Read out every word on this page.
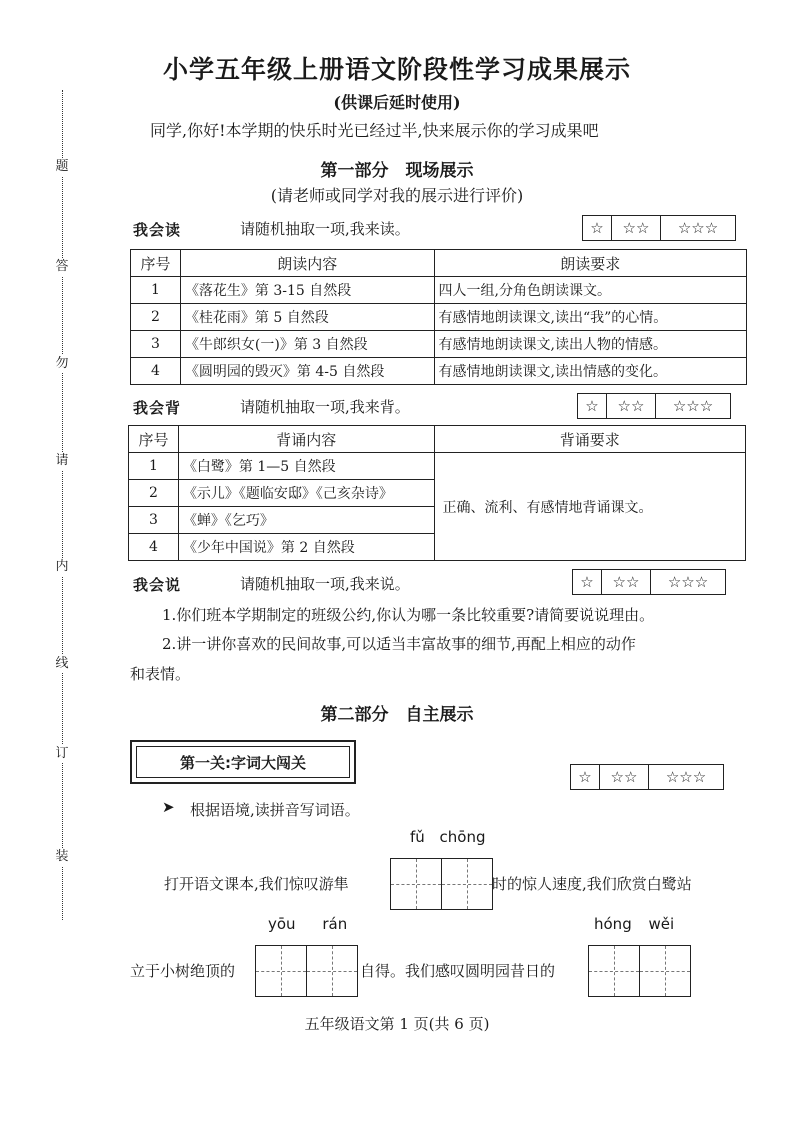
题
答
勿
请
内
线
订
装
小学五年级上册语文阶段性学习成果展示
(供课后延时使用)
同学,你好!本学期的快乐时光已经过半,快来展示你的学习成果吧
第一部分　现场展示
(请老师或同学对我的展示进行评价)
我会读	请随机抽取一项,我来读。	☆	☆☆	☆☆☆
序号	朗读内容	朗读要求
1	《落花生》第 3-15 自然段	四人一组,分角色朗读课文。
2	《桂花雨》第 5 自然段	有感情地朗读课文,读出“我”的心情。
3	《牛郎织女(一)》第 3 自然段	有感情地朗读课文,读出人物的情感。
4	《圆明园的毁灭》第 4-5 自然段	有感情地朗读课文,读出情感的变化。
我会背	请随机抽取一项,我来背。	☆	☆☆	☆☆☆
序号	背诵内容	背诵要求
1	《白鹭》第 1—5 自然段	正确、流利、有感情地背诵课文。
2	《示儿》《题临安邸》《己亥杂诗》	
3	《蝉》《乞巧》	
4	《少年中国说》第 2 自然段	
我会说	请随机抽取一项,我来说。	☆	☆☆	☆☆☆
1.你们班本学期制定的班级公约,你认为哪一条比较重要?请简要说说理由。
2.讲一讲你喜欢的民间故事,可以适当丰富故事的细节,再配上相应的动作
和表情。
第二部分　自主展示
第一关:字词大闯关
☆	☆☆	☆☆☆
➤ 根据语境,读拼音写词语。
fǔ chōng
打开语文课本,我们惊叹游隼	时的惊人速度,我们欣赏白鹭站
yōu rán	hóng wěi
立于小树绝顶的	自得。我们感叹圆明园昔日的
五年级语文第 1 页(共 6 页)
